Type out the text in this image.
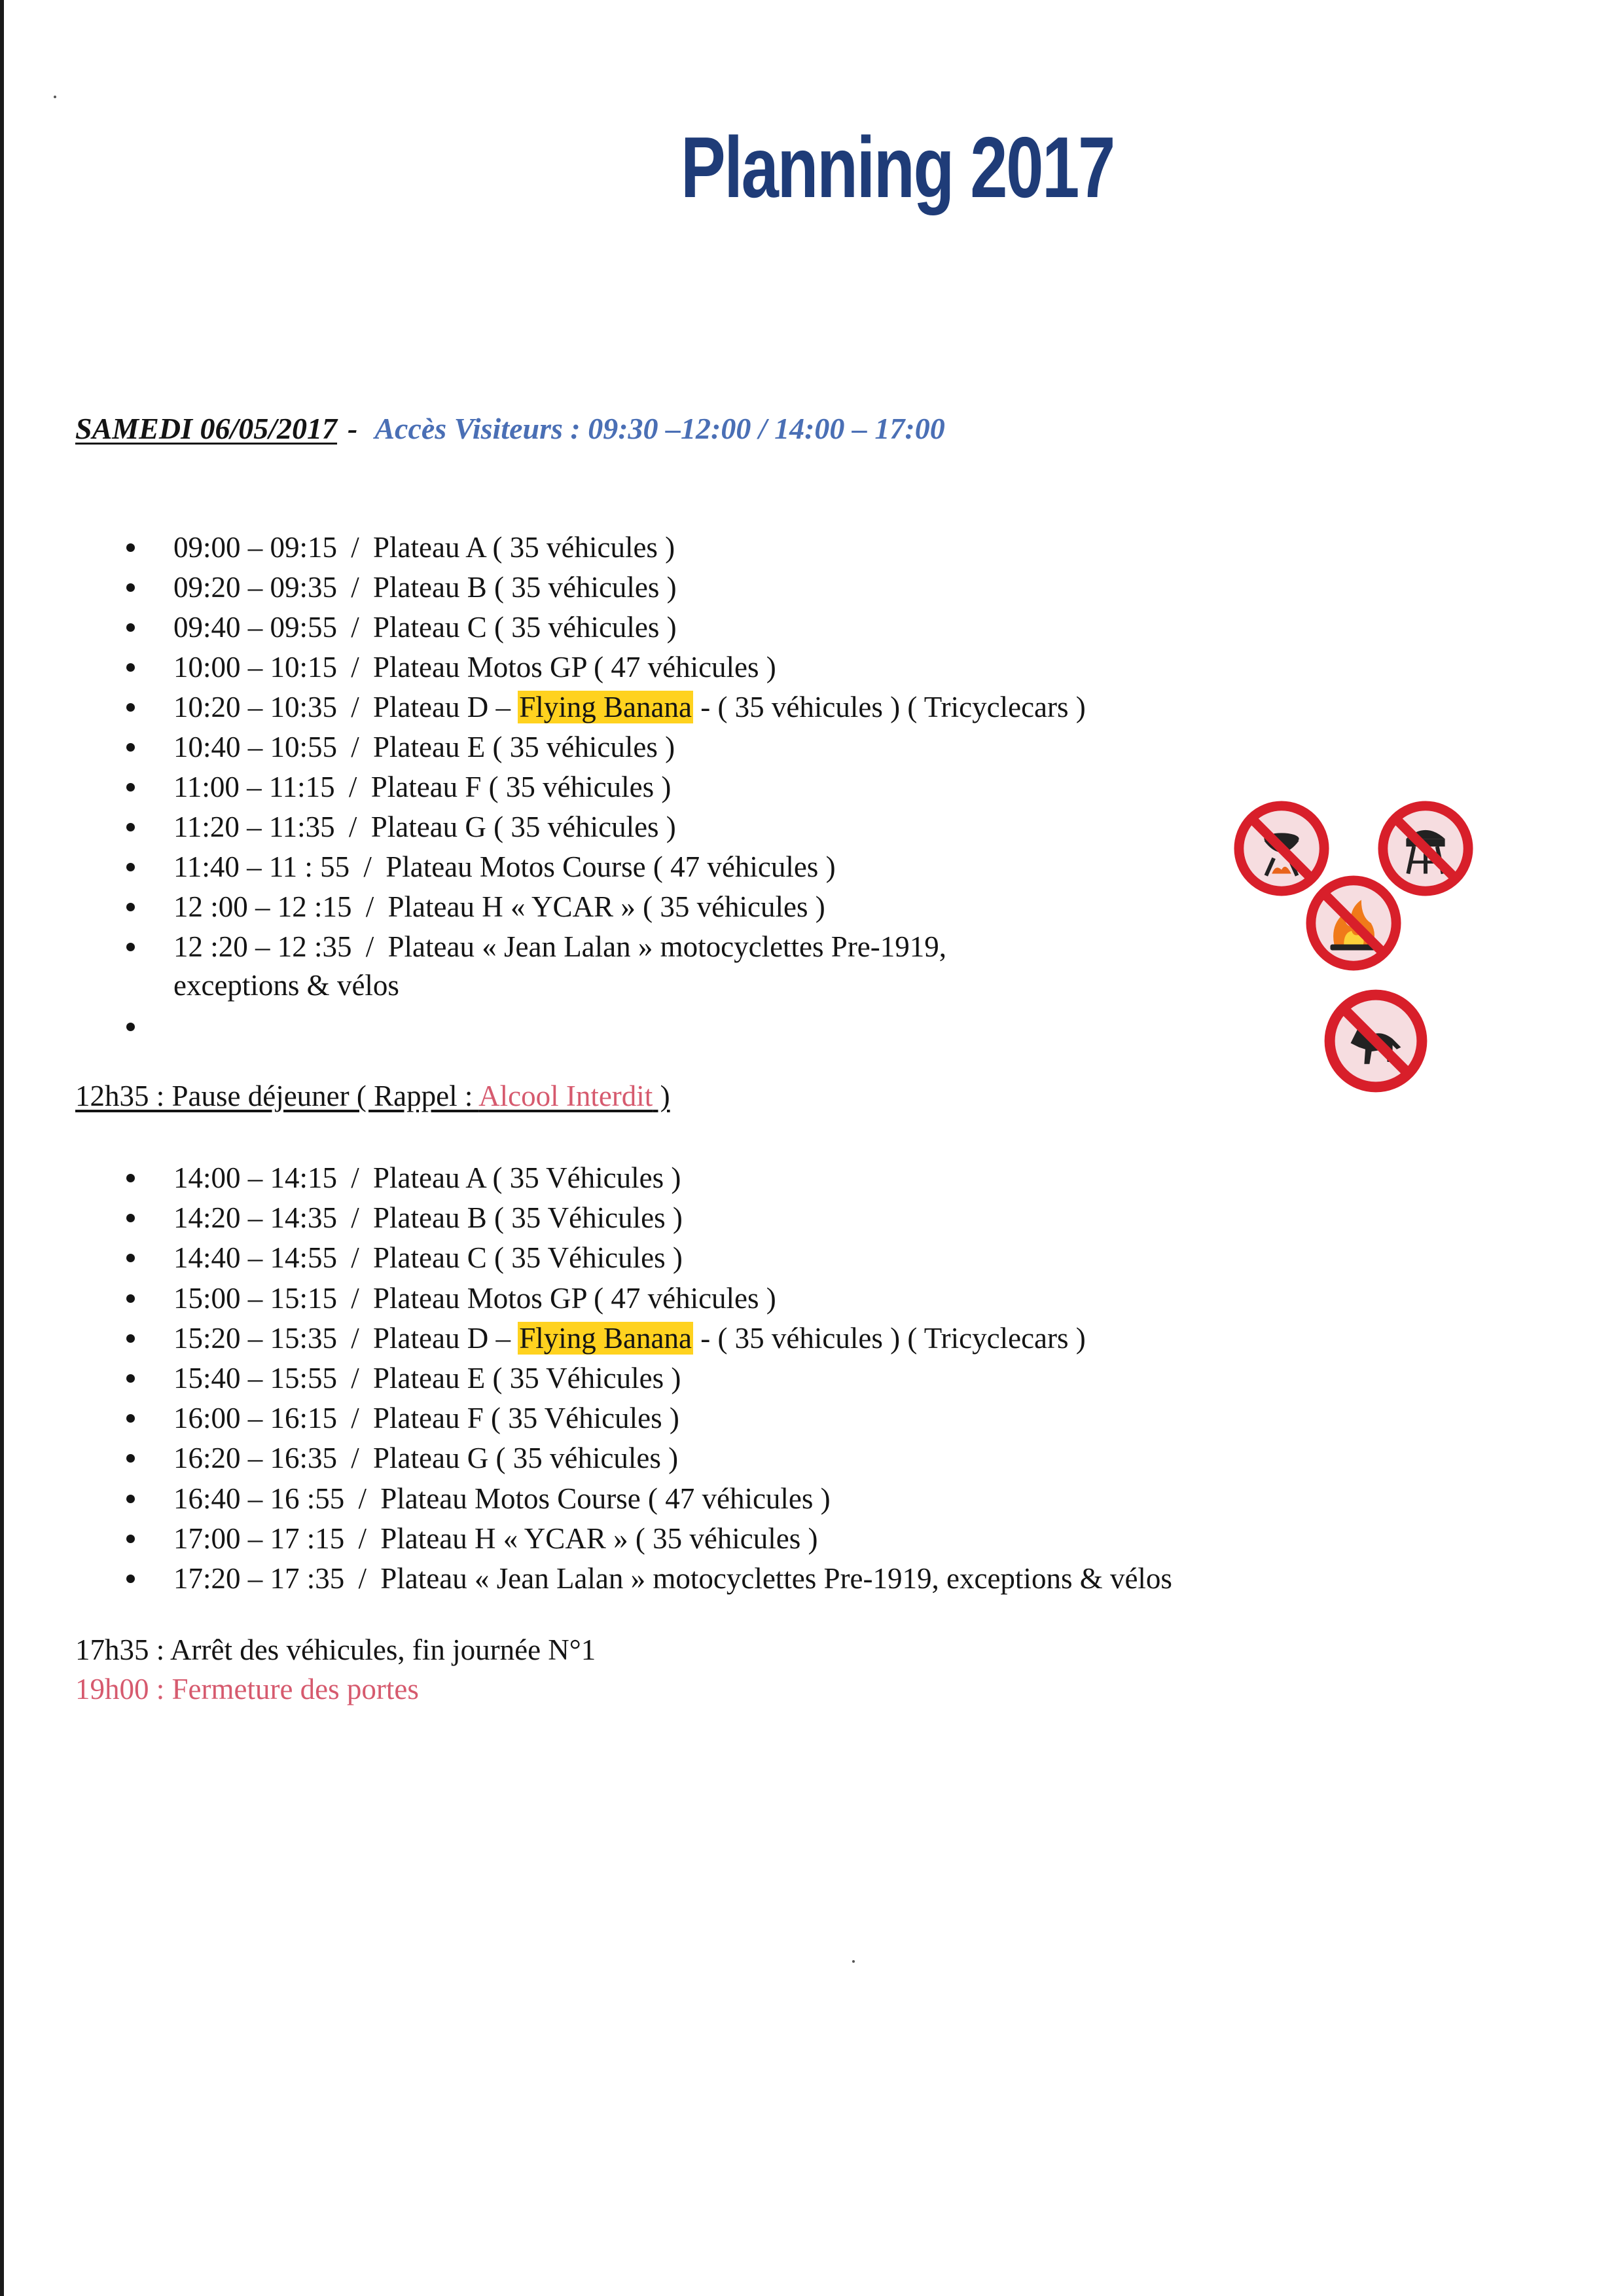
Planning 2017
SAMEDI 06/05/2017 - Accès Visiteurs : 09:30 –12:00 / 14:00 – 17:00
09:00 – 09:15 / Plateau A ( 35 véhicules )
09:20 – 09:35 / Plateau B ( 35 véhicules )
09:40 – 09:55 / Plateau C ( 35 véhicules )
10:00 – 10:15 / Plateau Motos GP ( 47 véhicules )
10:20 – 10:35 / Plateau D – Flying Banana - ( 35 véhicules ) ( Tricyclecars )
10:40 – 10:55 / Plateau E ( 35 véhicules )
11:00 – 11:15 / Plateau F ( 35 véhicules )
11:20 – 11:35 / Plateau G ( 35 véhicules )
11:40 – 11 : 55 / Plateau Motos Course ( 47 véhicules )
12 :00 – 12 :15 / Plateau H « YCAR » ( 35 véhicules )
12 :20 – 12 :35 / Plateau « Jean Lalan » motocyclettes Pre-1919,
exceptions & vélos
12h35 : Pause déjeuner ( Rappel : Alcool Interdit )
14:00 – 14:15 / Plateau A ( 35 Véhicules )
14:20 – 14:35 / Plateau B ( 35 Véhicules )
14:40 – 14:55 / Plateau C ( 35 Véhicules )
15:00 – 15:15 / Plateau Motos GP ( 47 véhicules )
15:20 – 15:35 / Plateau D – Flying Banana - ( 35 véhicules ) ( Tricyclecars )
15:40 – 15:55 / Plateau E ( 35 Véhicules )
16:00 – 16:15 / Plateau F ( 35 Véhicules )
16:20 – 16:35 / Plateau G ( 35 véhicules )
16:40 – 16 :55 / Plateau Motos Course ( 47 véhicules )
17:00 – 17 :15 / Plateau H « YCAR » ( 35 véhicules )
17:20 – 17 :35 / Plateau « Jean Lalan » motocyclettes Pre-1919, exceptions & vélos
17h35 : Arrêt des véhicules, fin journée N°1
19h00 : Fermeture des portes
